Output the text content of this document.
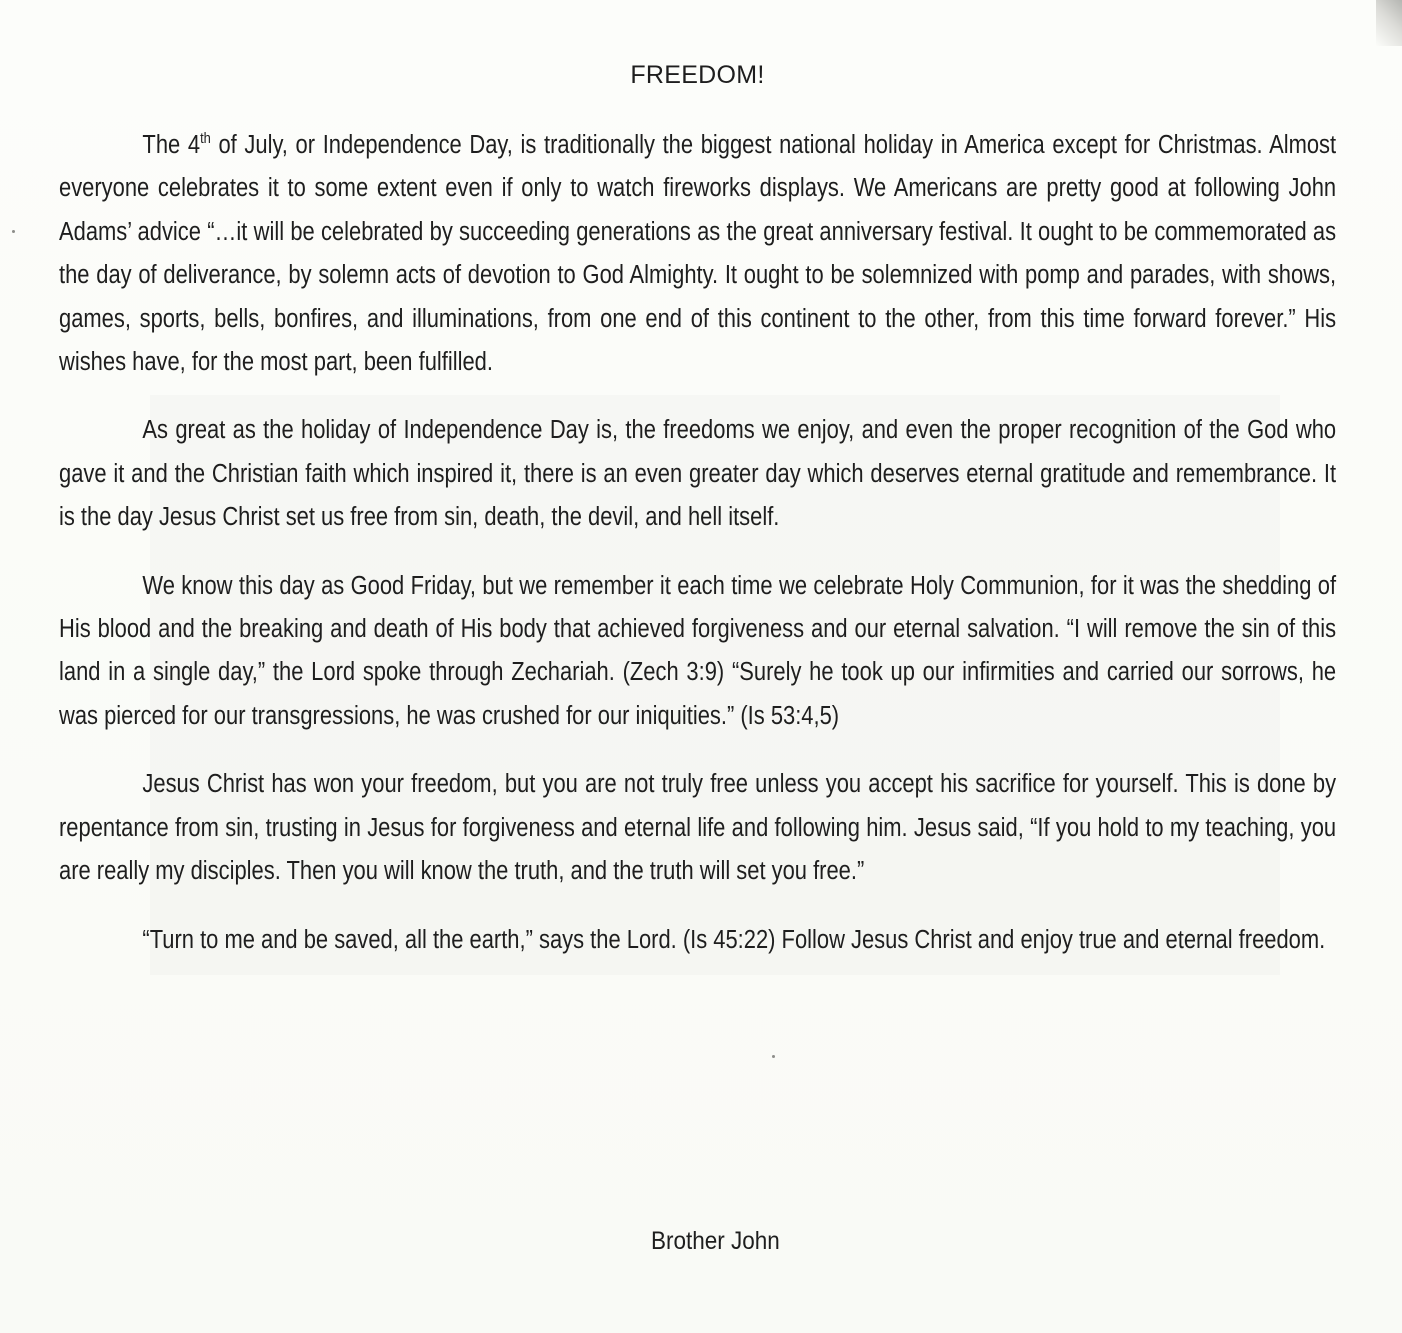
FREEDOM!

The 4th of July, or Independence Day, is traditionally the biggest national holiday in America except for Christmas. Almost everyone celebrates it to some extent even if only to watch fireworks displays. We Americans are pretty good at following John Adams’ advice “…it will be celebrated by succeeding generations as the great anniversary festival. It ought to be commemorated as the day of deliverance, by solemn acts of devotion to God Almighty. It ought to be solemnized with pomp and parades, with shows, games, sports, bells, bonfires, and illuminations, from one end of this continent to the other, from this time forward forever.” His wishes have, for the most part, been fulfilled.

As great as the holiday of Independence Day is, the freedoms we enjoy, and even the proper recognition of the God who gave it and the Christian faith which inspired it, there is an even greater day which deserves eternal gratitude and remembrance. It is the day Jesus Christ set us free from sin, death, the devil, and hell itself.

We know this day as Good Friday, but we remember it each time we celebrate Holy Communion, for it was the shedding of His blood and the breaking and death of His body that achieved forgiveness and our eternal salvation. “I will remove the sin of this land in a single day,” the Lord spoke through Zechariah. (Zech 3:9) “Surely he took up our infirmities and carried our sorrows, he was pierced for our transgressions, he was crushed for our iniquities.” (Is 53:4,5)

Jesus Christ has won your freedom, but you are not truly free unless you accept his sacrifice for yourself. This is done by repentance from sin, trusting in Jesus for forgiveness and eternal life and following him. Jesus said, “If you hold to my teaching, you are really my disciples. Then you will know the truth, and the truth will set you free.”

“Turn to me and be saved, all the earth,” says the Lord. (Is 45:22) Follow Jesus Christ and enjoy true and eternal freedom.

Brother John
